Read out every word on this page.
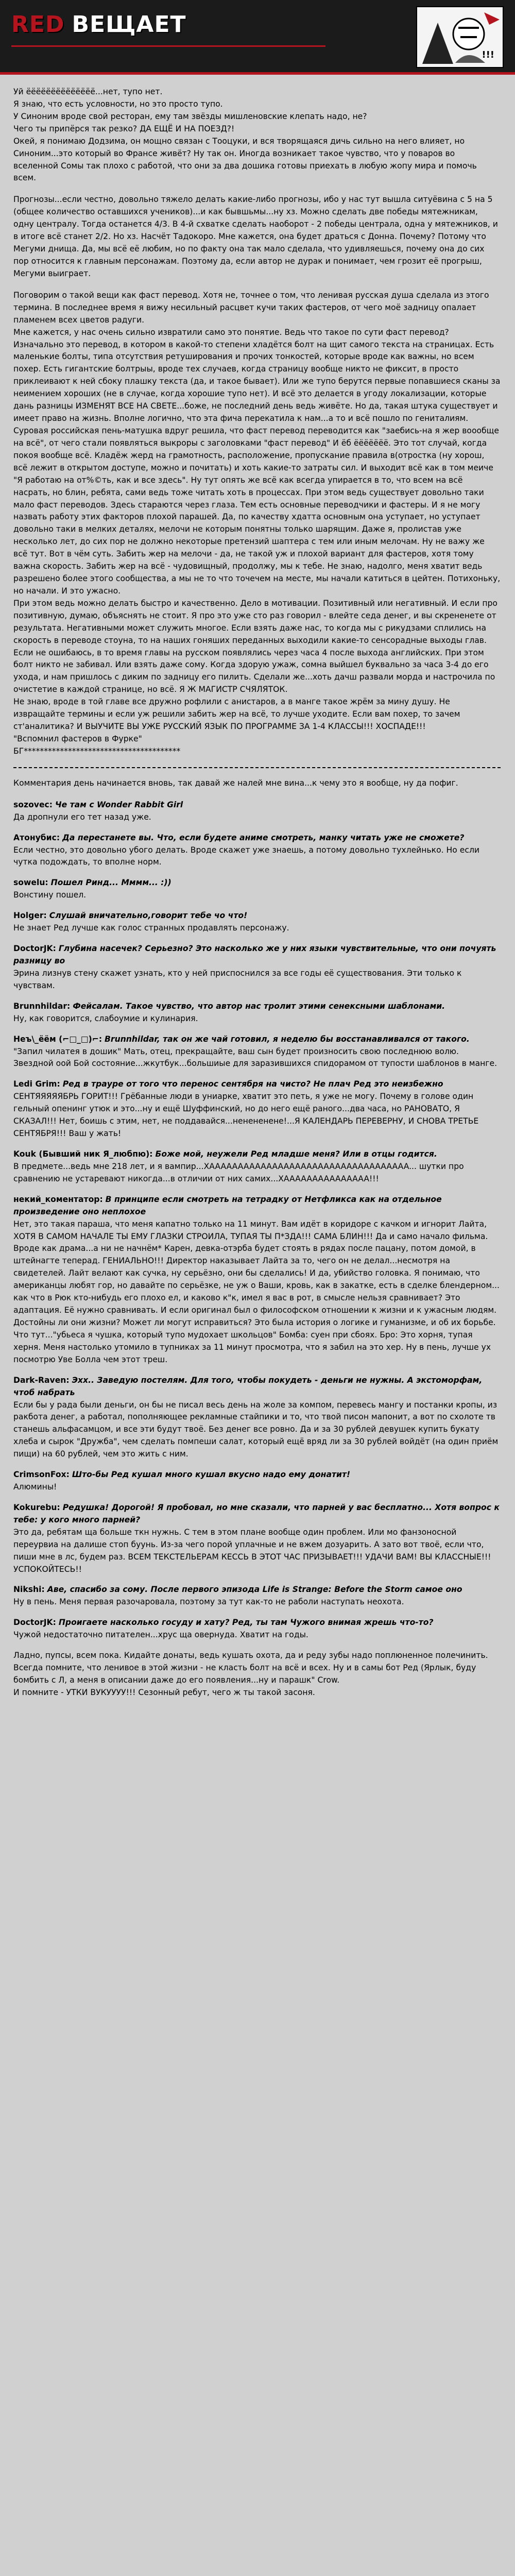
RED ВЕЩАЕТ
!!!

Уй ёёёёёёёёёёёёёё...нет, тупо нет.
Я знаю, что есть условности, но это просто тупо.
У Синоним вроде свой ресторан, ему там звёзды мишленовские клепать надо, не?
Чего ты припёрся так резко? ДА ЕЩЁ И НА ПОЕЗД?!
Окей, я понимаю Додзима, он мощно связан с Тооцуки, и вся творящаяся дичь сильно на него влияет, но Синоним...это который во Франсе живёт? Ну так он. Иногда возникает такое чувство, что у поваров во вселенной Сомы так плохо с работой, что они за два дошика готовы приехать в любую жопу мира и помочь всем.

Прогнозы...если честно, довольно тяжело делать какие-либо прогнозы, ибо у нас тут вышла ситуёвина с 5 на 5 (общее количество оставшихся учеников)...и как бывшьмы...ну хз. Можно сделать две победы мятежникам, одну централу. Тогда останется 4/3. В 4-й схватке сделать наоборот - 2 победы централа, одна у мятежников, и в итоге всё станет 2/2. Но хз. Насчёт Тадокоро. Мне кажется, она будет драться с Донна. Почему? Потому что Мегуми днища. Да, мы всё её любим, но по факту она так мало сделала, что удивляешься, почему она до сих пор относится к главным персонажам. Поэтому да, если автор не дурак и понимает, чем грозит её прогрыш, Мегуми выиграет.

Поговорим о такой вещи как фаст перевод. Хотя не, точнее о том, что ленивая русская душа сделала из этого термина. В последнее время я вижу несильный расцвет кучи таких фастеров, от чего моё задницу опалает пламенем всех цветов радуги.
Мне кажется, у нас очень сильно извратили само это понятие. Ведь что такое по сути фаст перевод? Изначально это перевод, в котором в какой-то степени хладётся болт на щит самого текста на страницах. Есть маленькие болты, типа отсутствия ретуширования и прочих тонкостей, которые вроде как важны, но всем похер. Есть гигантские болтрыы, вроде тех случаев, когда страницу вообще никто не фиксит, в просто приклеивают к ней сбоку плашку текста (да, и такое бывает). Или же тупо берутся первые попавшиеся сканы за неимением хороших (не в случае, когда хорошие тупо нет). И всё это делается в угоду локализации, которые дань разницы ИЗМЕНЯТ ВСЕ НА СВЕТЕ...боже, не последний день ведь живёте. Но да, такая штука существует и имеет право на жизнь. Вполне логично, что эта фича перекатила к нам...а то и всё пошло по гениталиям. Суровая российская пень-матушка вдруг решила, что фаст перевод переводится как "заебись-на я жер воообще на всё", от чего стали появляться выкроры с заголовками "фаст перевод" И ёб ёёёёёёё. Это тот случай, когда покоя вообще всё. Кладёж жерд на грамотность, расположение, пропускание правила в(отростка (ну хорош, всё лежит в открытом доступе, можно и почитать) и хоть какие-то затраты сил. И выходит всё как в том меиче "Я работаю на от%©ть, как и все здесь". Ну тут опять же всё как всегда упирается в то, что всем на всё насрать, но блин, ребята, сами ведь тоже читать хоть в процессах. При этом ведь существует довольно таки мало фаст переводов. Здесь стараются через глаза. Тем есть основные переводчики и фастеры. И я не могу назвать работу этих факторов плохой парашей. Да, по качеству хдатта основным она уступает, но уступает довольно таки в мелких деталях, мелочи не которым понятны только шарящим. Даже я, пролистав уже несколько лет, до сих пор не должно некоторые претензий шаптера с тем или иным мелочам. Ну не важу же всё тут. Вот в чём суть. Забить жер на мелочи - да, не такой уж и плохой вариант для фастеров, хотя тому важна скорость. Забить жер на всё - чудовищный, продолжу, мы к тебе. Не знаю, надолго, меня хватит ведь разрешено более этого сообщества, а мы не то что точечем на месте, мы начали катиться в цейтен. Потихоньку, но начали. И это ужасно.
При этом ведь можно делать быстро и качественно. Дело в мотивации. Позитивный или негативный. И если про позитивную, думаю, объяснять не стоит. Я про это уже сто раз говорил - влейте седа денег, и вы скрененете от результата. Негативными может служить многое. Если взять даже нас, то когда мы с рикудзами сплились на скорость в переводе стоуна, то на наших гоняших переданных выходили какие-то сенсорадные выходы глав. Если не ошибаюсь, в то время главы на русском появлялись через часа 4 после выхода английских. При этом болт никто не забивал. Или взять даже сому. Когда здорую ужаж, сомна выйшел буквально за часа 3-4 до его ухода, и нам пришлось с диким по задницу его пилить. Сделали же...хоть дачш развали морда и настрочила по очистетие в каждой странице, но всё. Я Ж МАГИСТР СЧЯЛЯТОК.
Не знаю, вроде в той главе все дружно рофлили с анистаров, а в манге такое жрём за мину душу. Не извращайте термины и если уж решили забить жер на всё, то лучше уходите. Если вам похер, то зачем ст'аналитика? И ВЫУЧИТЕ ВЫ УЖЕ РУССКИЙ ЯЗЫК ПО ПРОГРАММЕ ЗА 1-4 КЛАССЫ!!! ХОСПАДЕ!!!
"Вспомнил фастеров в Фурке"
БГ***************************************

Комментария день начинается вновь, так давай же налей мне вина...к чему это я вообще, ну да пофиг.

sozovec: Че там с Wonder Rabbit Girl
Да дропнули его тет назад уже.
Атонубис: Да перестанете вы. Что, если будете аниме смотреть, манку читать уже не сможете?
Если честно, это довольно убого делать. Вроде скажет уже знаешь, а потому довольно тухлейнько. Но если чутка подождать, то вполне норм.
sowelu: Пошел Ринд... Мммм... :))
Вонстину пошел.
Holger: Слушай вничательно,говорит тебе чо что!
Не знает Ред лучше как голос странных продавлять персонажу.
DoctorJK: Глубина насечек? Серьезно? Это насколько же у них языки чувствительные, что они почуять разницу во
Эрина лизнув стену скажет узнать, кто у ней приспоснился за все годы её существования. Эти только к чувствам.
Brunnhildar: Фейсалам. Такое чувство, что автор нас тролит этими сенексными шаблонами.
Ну, как говорится, слабоумие и кулинария.
Неъ\_ёём (⌐□_□)⌐: Brunnhildar, так он же чай готовил, я неделю бы восстанавливался от такого.
"Запил чилатея в дошик" Мать, отец, прекращайте, ваш сын будет произносить свою последнюю волю. Звездной оой Бой состояние...жкутбук...большиые для заразившихся спидорамом от тупости шаблонов в манге.
Ledi Grim: Ред в трауре от того что перенос сентября на чисто? Не плач Ред это неизбежно
СЕНТЯЯЯЯЯБРЬ ГОРИТ!!! Грёбанные люди в униарке, хватит это петь, я уже не могу. Почему в голове один гельный опенинг утюк и это...ну и ещё Шуффинский, но до него ещё раного...два часа, но РАНОВАТО, Я СКАЗАЛ!!! Нет, боишь с этим, нет, не поддавайся...ненененене!...Я КАЛЕНДАРЬ ПЕРЕВЕРНУ, И СНОВА ТРЕТЬЕ СЕНТЯБРЯ!!! Ваш у жать!
Kouk (Бывший ник Я_любпю): Боже мой, неужели Ред младше меня? Или в отцы годится.
В предмете...ведь мне 218 лет, и я вампир...XAAAAAAAAAAAAAAAAAAAAAAAAAAAAAAAAAAA... шутки про сравнению не устаревают никогда...в отличии от них самих...XAAAAAAAAAAAAAAA!!!
некий_коментатор: В принципе если смотреть на тетрадку от Нетфликса как на отдельное произведение оно неплохое
Нет, это такая параша, что меня капатно только на 11 минут. Вам идёт в коридоре с качком и игнорит Лайта, ХОТЯ В САМОМ НАЧАЛЕ ТЫ ЕМУ ГЛАЗКИ СТРОИЛА, ТУПАЯ ТЫ П*ЗДА!!! САМА БЛИН!!! Да и само начало фильма. Вроде как драма...а ни не начнём* Карен, девка-отэрба будет стоять в рядах после пацану, потом домой, в штейнагте теперад. ГЕНИАЛЬНО!!! Директор наказывает Лайта за то, чего он не делал...несмотря на свидетелей. Лайт велают как сучка, ну серьёзно, они бы сделались! И да, убийство головка. Я понимаю, что американцы любят гор, но давайте по серьёзке, не уж о Ваши, кровь, как в закатке, есть в сделке блендерном... как что в Рюк кто-нибудь его плохо ел, и каково к"к, имел я вас в рот, в смысле нельзя сравнивает? Это адаптация. Её нужно сравнивать. И если оригинал был о философском отношении к жизни и к ужасным людям. Достойны ли они жизни? Может ли могут исправиться? Это была история о логике и гуманизме, и об их борьбе. Что тут..."убьеса я чушка, который тупо мудохает школьцов" Бомба: суен при сбоях. Бро: Это хорня, тупая херня. Меня настолько утомило в тупниках за 11 минут просмотра, что я забил на это хер. Ну в пень, лучше ух посмотрю Уве Болла чем этот треш.
Dark-Raven: Эхх.. Заведую постелям. Для того, чтобы покудеть - деньги не нужны. А экстоморфам, чтоб набрать
Если бы у рада были деньги, он бы не писал весь день на жоле за компом, перевесь мангу и постанки кропы, из ракбота денег, а работал, пополняющее рекламные стайпики и то, что твой писон мапонит, а вот по схолоте тв станешь альфасамцом, и все эти будут твоё. Без денег все ровно. Да и за 30 рублей девушек купить букату хлеба и сырок "Дружба", чем сделать помпеши салат, который ещё вряд ли за 30 рублей войдёт (на один приём пищи) на 60 рублей, чем это жить с ним.
CrimsonFox: Што-бы Ред кушал много кушал вкусно надо ему донатит!
Алюмины!
Kokurebu: Редушка! Дорогой! Я пробовал, но мне сказали, что парней у вас бесплатно... Хотя вопрос к тебе: у кого много парней?
Это да, ребятам ща больше ткн нужнь. С тем в этом плане вообще один проблем. Или мо фанзоносной переурвиа на далише стоп буунь. Из-за чего порой уплачные и не вжем дозуарить. А зато вот твоё, если что, пиши мне в лс, будем раз. ВСЕМ ТЕКСТЕЛЬЕРАМ КЕССЬ В ЭТОТ ЧАС ПРИЗЫВАЕТ!!! УДАЧИ ВАМ! ВЫ КЛАССНЫЕ!!! УСПОКОЙТЕСЬ!!
Nikshi: Аве, спасибо за сому. После первого эпизода Life is Strange: Before the Storm самое оно
Ну в пень. Меня первая разочаровала, поэтому за тут как-то не раболи наступать неохота.
DoctorJK: Проигаете насколько госуду и хату? Ред, ты там Чужого внимая жрешь что-то?
Чужой недостаточно питателен...хрус ща овернуда. Хватит на годы.

Ладно, пупсы, всем пока. Кидайте донаты, ведь кушать охота, да и реду зубы надо поплюненное полечинить. Всегда помните, что ленивое в этой жизни - не класть болт на всё и всех. Ну и в самы бот Ред (Ярлык, буду бомбить с Л, а меня в описании даже до его появления...ну и парашк" Crow.
И помните - УТКИ ВУКУУУУ!!! Сезонный ребут, чего ж ты такой засоня.
